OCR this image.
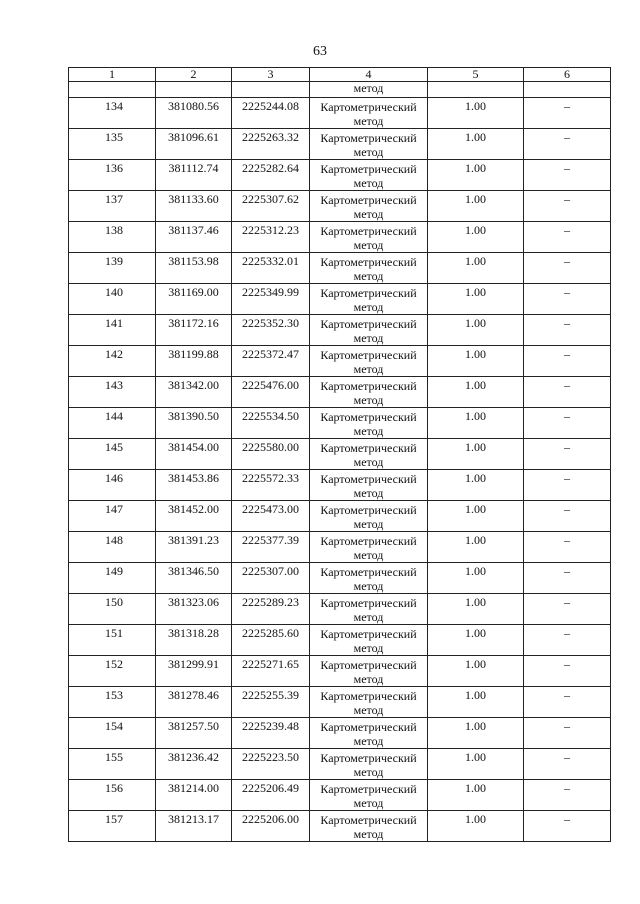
63
1	2	3	4	5	6
			метод		
134	381080.56	2225244.08	Картометрический метод	1.00	–
135	381096.61	2225263.32	Картометрический метод	1.00	–
136	381112.74	2225282.64	Картометрический метод	1.00	–
137	381133.60	2225307.62	Картометрический метод	1.00	–
138	381137.46	2225312.23	Картометрический метод	1.00	–
139	381153.98	2225332.01	Картометрический метод	1.00	–
140	381169.00	2225349.99	Картометрический метод	1.00	–
141	381172.16	2225352.30	Картометрический метод	1.00	–
142	381199.88	2225372.47	Картометрический метод	1.00	–
143	381342.00	2225476.00	Картометрический метод	1.00	–
144	381390.50	2225534.50	Картометрический метод	1.00	–
145	381454.00	2225580.00	Картометрический метод	1.00	–
146	381453.86	2225572.33	Картометрический метод	1.00	–
147	381452.00	2225473.00	Картометрический метод	1.00	–
148	381391.23	2225377.39	Картометрический метод	1.00	–
149	381346.50	2225307.00	Картометрический метод	1.00	–
150	381323.06	2225289.23	Картометрический метод	1.00	–
151	381318.28	2225285.60	Картометрический метод	1.00	–
152	381299.91	2225271.65	Картометрический метод	1.00	–
153	381278.46	2225255.39	Картометрический метод	1.00	–
154	381257.50	2225239.48	Картометрический метод	1.00	–
155	381236.42	2225223.50	Картометрический метод	1.00	–
156	381214.00	2225206.49	Картометрический метод	1.00	–
157	381213.17	2225206.00	Картометрический метод	1.00	–
